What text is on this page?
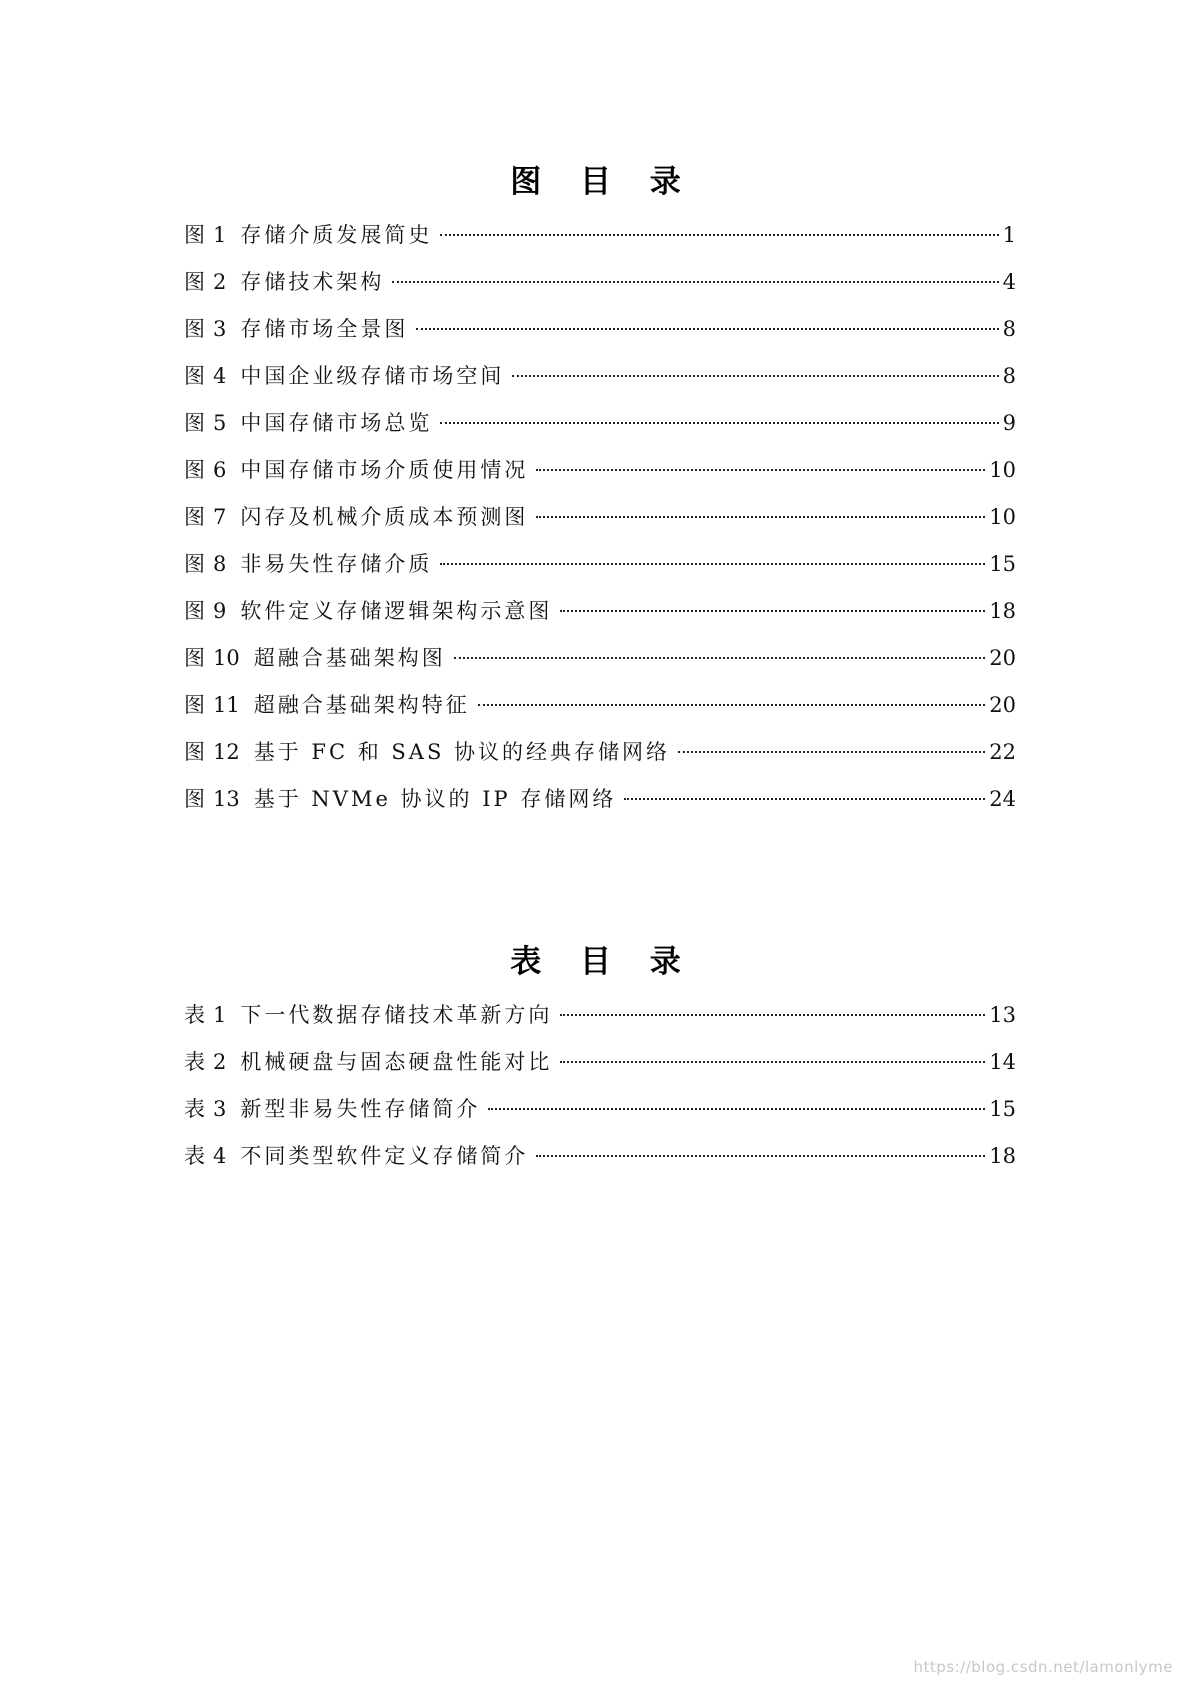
图 目 录
图 1 存储介质发展简史	1
图 2 存储技术架构	4
图 3 存储市场全景图	8
图 4 中国企业级存储市场空间	8
图 5 中国存储市场总览	9
图 6 中国存储市场介质使用情况	10
图 7 闪存及机械介质成本预测图	10
图 8 非易失性存储介质	15
图 9 软件定义存储逻辑架构示意图	18
图 10 超融合基础架构图	20
图 11 超融合基础架构特征	20
图 12 基于 FC 和 SAS 协议的经典存储网络	22
图 13 基于 NVMe 协议的 IP 存储网络	24
表 目 录
表 1 下一代数据存储技术革新方向	13
表 2 机械硬盘与固态硬盘性能对比	14
表 3 新型非易失性存储简介	15
表 4 不同类型软件定义存储简介	18
https://blog.csdn.net/lamonlyme
